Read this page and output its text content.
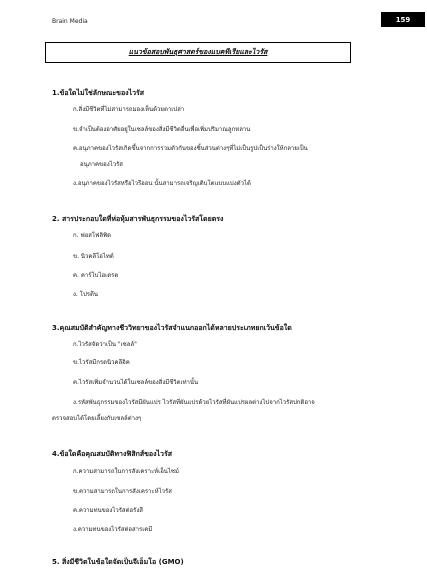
Brain Media	159
แนวข้อสอบพันธุศาสตร์ของแบคทีเรียและไวรัส
1.ข้อใดไม่ใช่ลักษณะของไวรัส
ก.สิ่งมีชีวิตที่ไม่สามารถมองเห็นด้วยตาเปล่า
ข.จำเป็นต้องอาศัยอยู่ในเซลล์ของสิ่งมีชีวิตอื่นเพื่อเพิ่มปริมาณลูกหลาน
ค.อนุภาคของไวรัสเกิดขึ้นจากการรวมตัวกันของชิ้นส่วนต่างๆที่ไม่เป็นรูปเป็นร่างให้กลายเป็น
อนุภาคของไวรัส
ง.อนุภาคของไวรัสหรือไวรีออน นั้นสามารถเจริญเติบโตแบบแบ่งตัวได้
2. สารประกอบใดที่ห่อหุ้มสารพันธุกรรมของไวรัสโดยตรง
ก. ฟอสโฟลิพิด
ข. นิวคลีโอไทด์
ค. คาร์โบไฮเดรต
ง. โปรตีน
3.คุณสมบัติสำคัญทางชีววิทยาของไวรัสจำแนกออกได้หลายประเภทยกเว้นข้อใด
ก.ไวรัสจัดว่าเป็น "เซลล์"
ข.ไวรัสมีกรดนิวคลีอิค
ค.ไวรัสเพิ่มจำนวนได้ในเซลล์ของสิ่งมีชีวิตเท่านั้น
ง.รหัสพันธุกรรมของไวรัสมีผันแปร ไวรัสที่ผันแปรด้วยไวรัสที่ผันแปรผลต่างไปจากไวรัสปกติอาจ
ตรวจสอบได้โดยเลี้ยงกับเซลล์ต่างๆ
4.ข้อใดคือคุณสมบัติทางฟิสิกส์ของไวรัส
ก.ความสามารถในการสังเคราะห์เอ็นไซม์
ข.ความสามารถในการสังเคราะห์ไวรัส
ค.ความทนของไวรัสต่อรังสี
ง.ความทนของไวรัสต่อสารเคมี
5. สิ่งมีชีวิตในข้อใดจัดเป็นจีเอ็มโอ (GMO)
